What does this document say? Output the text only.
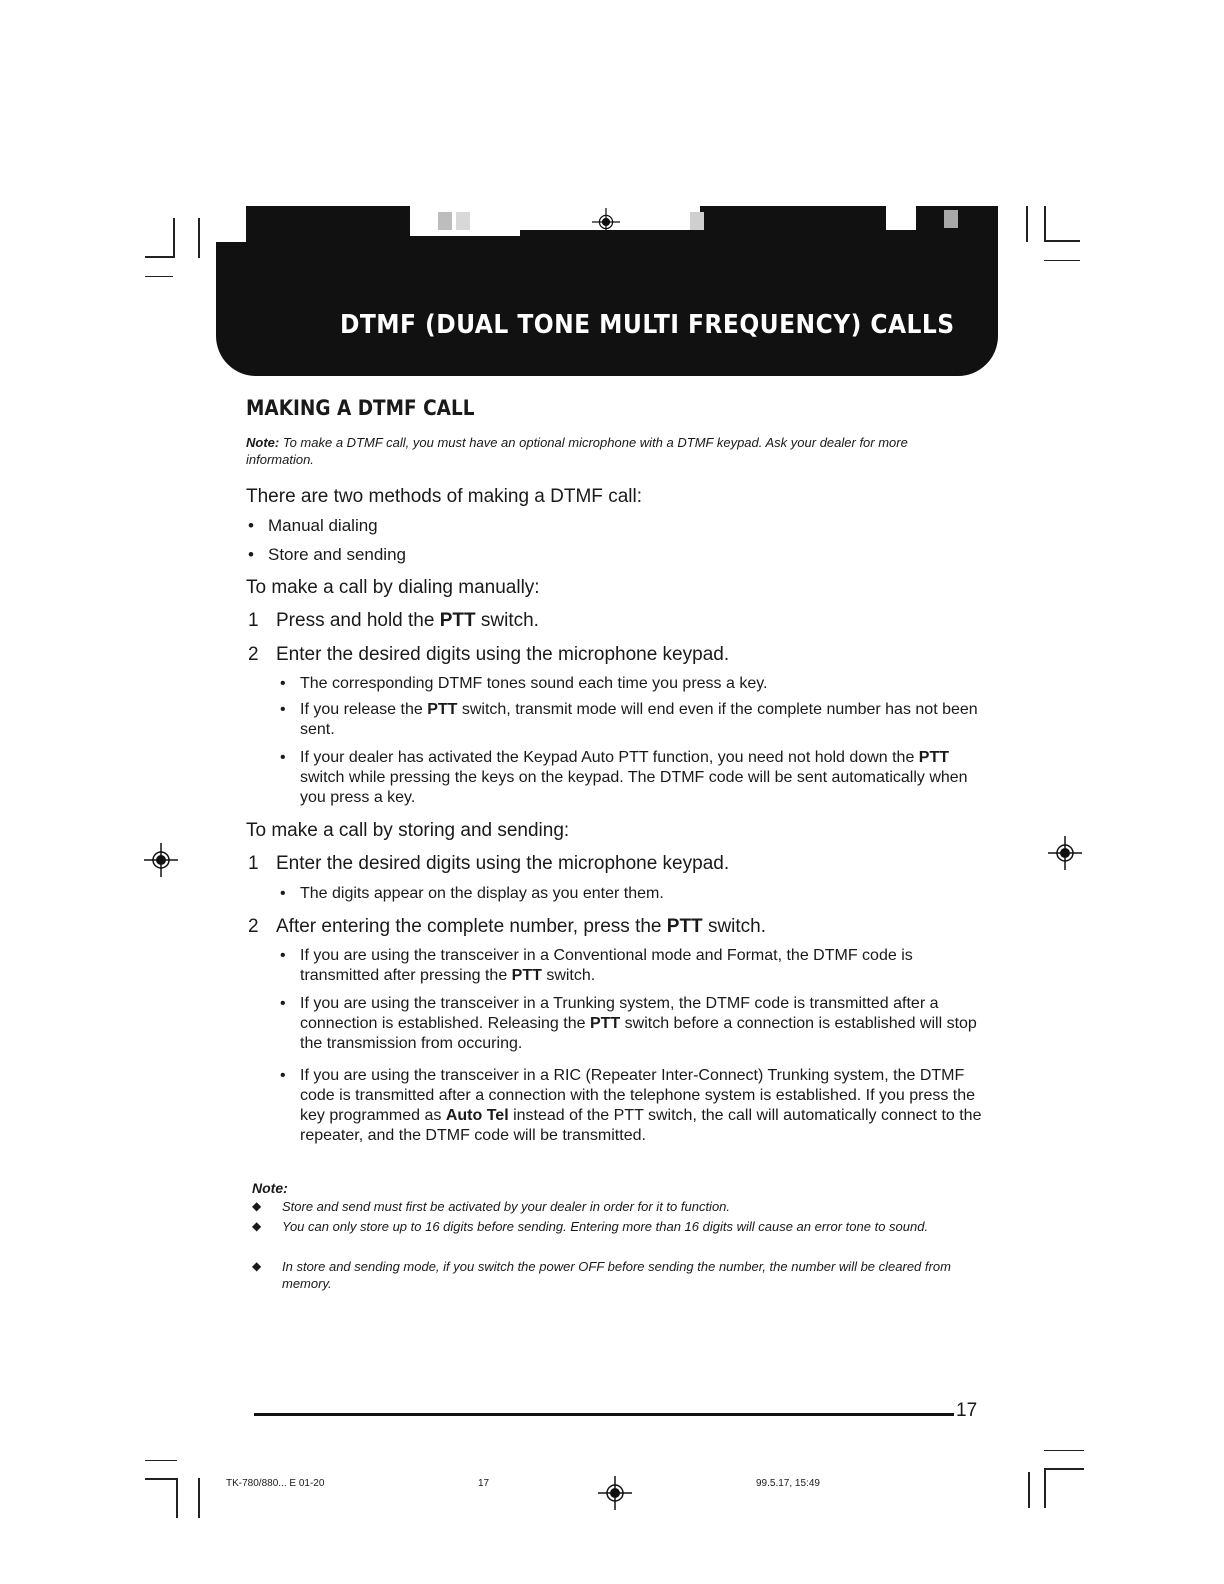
DTMF (DUAL TONE MULTI FREQUENCY) CALLS
MAKING A DTMF CALL
Note: To make a DTMF call, you must have an optional microphone with a DTMF keypad. Ask your dealer for more information.
There are two methods of making a DTMF call:
• Manual dialing
• Store and sending
To make a call by dialing manually:
1 Press and hold the PTT switch.
2 Enter the desired digits using the microphone keypad.
• The corresponding DTMF tones sound each time you press a key.
• If you release the PTT switch, transmit mode will end even if the complete number has not been sent.
• If your dealer has activated the Keypad Auto PTT function, you need not hold down the PTT switch while pressing the keys on the keypad. The DTMF code will be sent automatically when you press a key.
To make a call by storing and sending:
1 Enter the desired digits using the microphone keypad.
• The digits appear on the display as you enter them.
2 After entering the complete number, press the PTT switch.
• If you are using the transceiver in a Conventional mode and Format, the DTMF code is transmitted after pressing the PTT switch.
• If you are using the transceiver in a Trunking system, the DTMF code is transmitted after a connection is established. Releasing the PTT switch before a connection is established will stop the transmission from occuring.
• If you are using the transceiver in a RIC (Repeater Inter-Connect) Trunking system, the DTMF code is transmitted after a connection with the telephone system is established. If you press the key programmed as Auto Tel instead of the PTT switch, the call will automatically connect to the repeater, and the DTMF code will be transmitted.
Note:
◆ Store and send must first be activated by your dealer in order for it to function.
◆ You can only store up to 16 digits before sending. Entering more than 16 digits will cause an error tone to sound.
◆ In store and sending mode, if you switch the power OFF before sending the number, the number will be cleared from memory.
17
TK-780/880... E 01-20	17	99.5.17, 15:49
